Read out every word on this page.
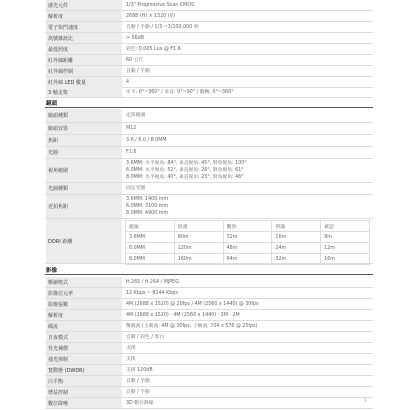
感光元件	1/3" Progressive Scan CMOS
解析度	2688 (H) × 1520 (V)
電子快門速度	自動 / 手動 / 1/3 ~1/100,000 秒
訊號雜訊比	> 56dB
最低照度	彩色: 0.005 Lux @ F1.6
紅外線距離	60 公尺
紅外線控制	自動 / 手動
紅外線 LED 數量	4
3 軸支架	水平: 0°~360° / 垂直: 0°~90° / 翻轉: 0°~360°
鏡頭
鏡頭種類	定焦鏡頭
鏡頭安裝	M12
焦距	3.6 / 6.0 / 8.0MM
光圈	F1.6
視角範圍
3.6MM: 水平視角: 84°, 垂直視角: 45°, 對角視角: 100°
6.0MM: 水平視角: 52°, 垂直視角: 28°, 對角視角: 61°
8.0MM: 水平視角: 40°, 垂直視角: 23°, 對角視角: 46°
光圈種類	固定光圈
近拍焦距
3.6MM: 1400 mm
6.0MM: 3100 mm
8.0MM: 4900 mm
DORI 距離
鏡頭	偵測	觀察	辨識	確認
3.6MM	80m	32m	16m	8m
6.0MM	120m	48m	24m	12m
8.0MM	160m	64m	32m	16m
影像
壓縮格式	H.265 / H.264 / MJPEG
影像位元率	12 Kbps ~ 8144 Kbps
影像張數	4M (2688 x 1520) @ 20fps / 4M (2560 x 1440) @ 30fps
解析度	4M (2688 x 1520) · 4M (2560 x 1440) · 3M · 2M
碼流	雙碼流 (主碼流: 4M @ 30fps, 子碼流: 704 x 576 @ 25fps)
日夜模式	自動 / 彩色 / 黑白
背光補償	支援
強光抑制	支援
寬動態 (DWDR)	支援 120dB
白平衡	自動 / 手動
增益控制	自動 / 手動
數位降噪	3D 數位降噪	3
